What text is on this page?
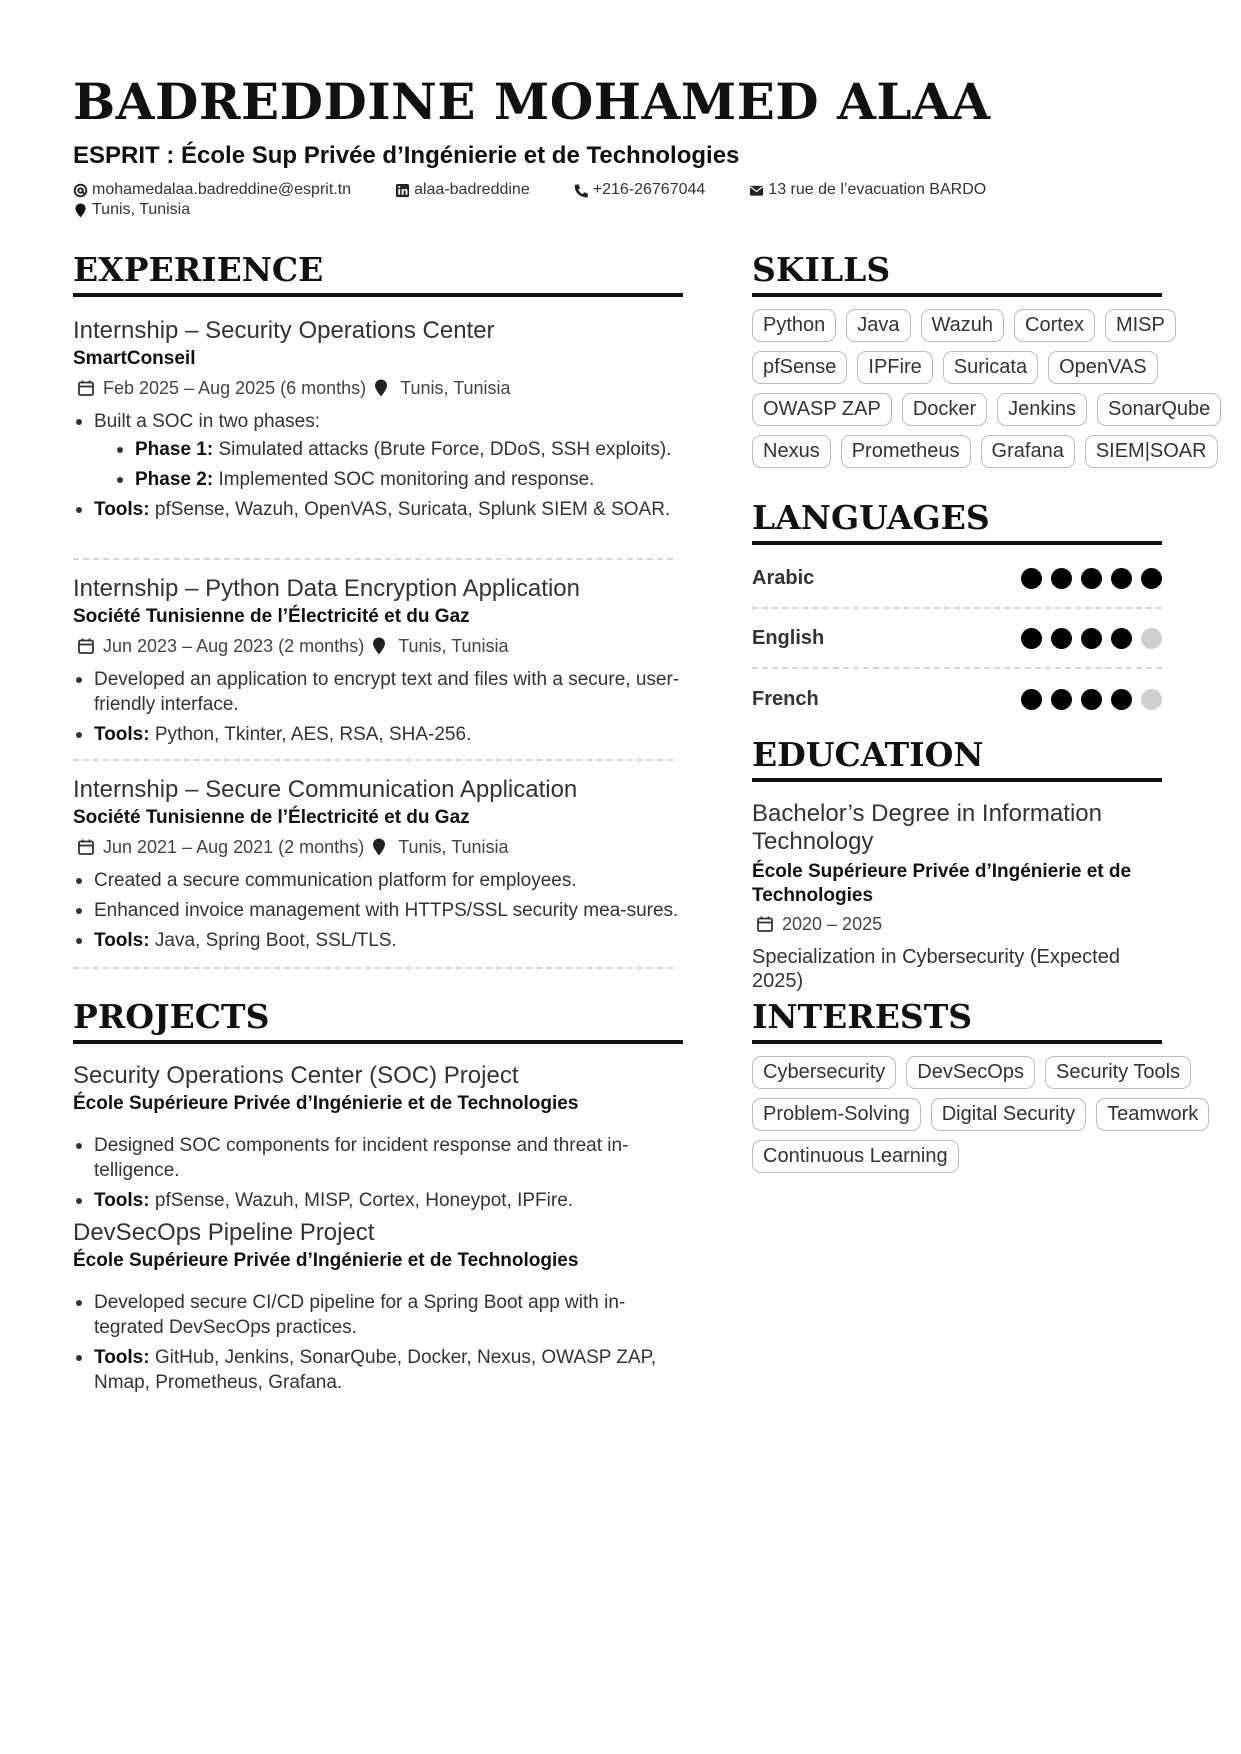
BADREDDINE MOHAMED ALAA
ESPRIT : École Sup Privée d’Ingénierie et de Technologies
mohamedalaa.badreddine@esprit.tn	alaa-badreddine	+216-26767044	13 rue de l’evacuation BARDO
Tunis, Tunisia
EXPERIENCE
Internship – Security Operations Center
SmartConseil
Feb 2025 – Aug 2025 (6 months) Tunis, Tunisia
Built a SOC in two phases:
Phase 1: Simulated attacks (Brute Force, DDoS, SSH exploits).
Phase 2: Implemented SOC monitoring and response.
Tools: pfSense, Wazuh, OpenVAS, Suricata, Splunk SIEM & SOAR.
Internship – Python Data Encryption Application
Société Tunisienne de l’Électricité et du Gaz
Jun 2023 – Aug 2023 (2 months) Tunis, Tunisia
Developed an application to encrypt text and files with a secure, user-friendly interface.
Tools: Python, Tkinter, AES, RSA, SHA-256.
Internship – Secure Communication Application
Société Tunisienne de l’Électricité et du Gaz
Jun 2021 – Aug 2021 (2 months) Tunis, Tunisia
Created a secure communication platform for employees.
Enhanced invoice management with HTTPS/SSL security mea-sures.
Tools: Java, Spring Boot, SSL/TLS.
PROJECTS
Security Operations Center (SOC) Project
École Supérieure Privée d’Ingénierie et de Technologies
Designed SOC components for incident response and threat in-telligence.
Tools: pfSense, Wazuh, MISP, Cortex, Honeypot, IPFire.
DevSecOps Pipeline Project
École Supérieure Privée d’Ingénierie et de Technologies
Developed secure CI/CD pipeline for a Spring Boot app with in-tegrated DevSecOps practices.
Tools: GitHub, Jenkins, SonarQube, Docker, Nexus, OWASP ZAP, Nmap, Prometheus, Grafana.
SKILLS
Python	Java	Wazuh	Cortex	MISP
pfSense	IPFire	Suricata	OpenVAS
OWASP ZAP	Docker	Jenkins	SonarQube
Nexus	Prometheus	Grafana	SIEM|SOAR
LANGUAGES
Arabic
English
French
EDUCATION
Bachelor’s Degree in Information Technology
École Supérieure Privée d’Ingénierie et de Technologies
2020 – 2025
Specialization in Cybersecurity (Expected 2025)
INTERESTS
Cybersecurity	DevSecOps	Security Tools
Problem-Solving	Digital Security	Teamwork
Continuous Learning
